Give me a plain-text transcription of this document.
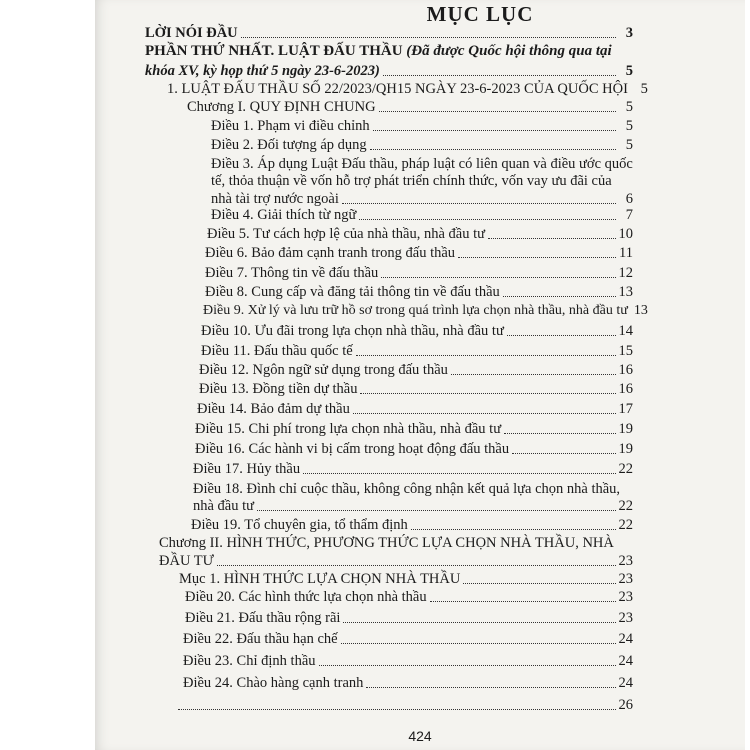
MỤC LỤC
LỜI NÓI ĐẦU	3
PHẦN THỨ NHẤT. LUẬT ĐẤU THẦU (Đã được Quốc hội thông qua tại
khóa XV, kỳ họp thứ 5 ngày 23-6-2023)	5
1. LUẬT ĐẤU THẦU SỐ 22/2023/QH15 NGÀY 23-6-2023 CỦA QUỐC HỘI 5
Chương I. QUY ĐỊNH CHUNG	5
Điều 1. Phạm vi điều chỉnh	5
Điều 2. Đối tượng áp dụng	5
Điều 3. Áp dụng Luật Đấu thầu, pháp luật có liên quan và điều ước quốc
tế, thỏa thuận về vốn hỗ trợ phát triển chính thức, vốn vay ưu đãi của
nhà tài trợ nước ngoài	6
Điều 4. Giải thích từ ngữ	7
Điều 5. Tư cách hợp lệ của nhà thầu, nhà đầu tư	10
Điều 6. Bảo đảm cạnh tranh trong đấu thầu	11
Điều 7. Thông tin về đấu thầu	12
Điều 8. Cung cấp và đăng tải thông tin về đấu thầu	13
Điều 9. Xử lý và lưu trữ hồ sơ trong quá trình lựa chọn nhà thầu, nhà đầu tư 13
Điều 10. Ưu đãi trong lựa chọn nhà thầu, nhà đầu tư	14
Điều 11. Đấu thầu quốc tế	15
Điều 12. Ngôn ngữ sử dụng trong đấu thầu	16
Điều 13. Đồng tiền dự thầu	16
Điều 14. Bảo đảm dự thầu	17
Điều 15. Chi phí trong lựa chọn nhà thầu, nhà đầu tư	19
Điều 16. Các hành vi bị cấm trong hoạt động đấu thầu	19
Điều 17. Hủy thầu	22
Điều 18. Đình chỉ cuộc thầu, không công nhận kết quả lựa chọn nhà thầu,
nhà đầu tư	22
Điều 19. Tổ chuyên gia, tổ thẩm định	22
Chương II. HÌNH THỨC, PHƯƠNG THỨC LỰA CHỌN NHÀ THẦU, NHÀ
ĐẦU TƯ	23
Mục 1. HÌNH THỨC LỰA CHỌN NHÀ THẦU	23
Điều 20. Các hình thức lựa chọn nhà thầu	23
Điều 21. Đấu thầu rộng rãi	23
Điều 22. Đấu thầu hạn chế	24
Điều 23. Chỉ định thầu	24
Điều 24. Chào hàng cạnh tranh	24
26
424
